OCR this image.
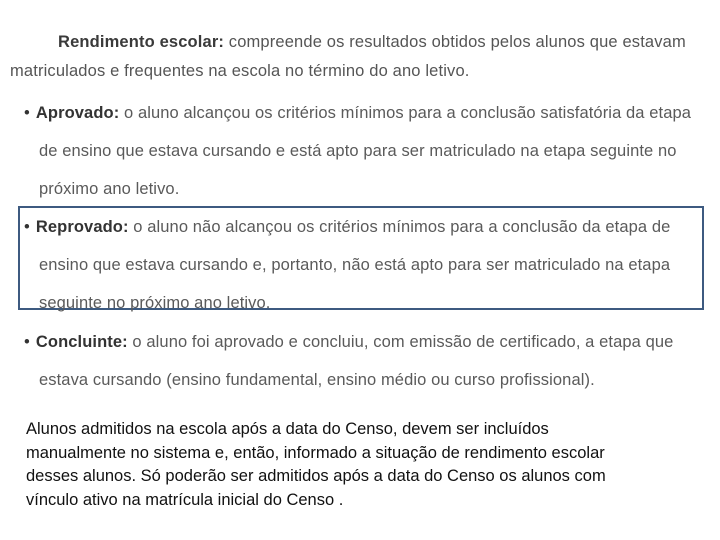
Rendimento escolar: compreende os resultados obtidos pelos alunos que estavam
matriculados e frequentes na escola no término do ano letivo.
• Aprovado: o aluno alcançou os critérios mínimos para a conclusão satisfatória da etapa
de ensino que estava cursando e está apto para ser matriculado na etapa seguinte no
próximo ano letivo.
• Reprovado: o aluno não alcançou os critérios mínimos para a conclusão da etapa de
ensino que estava cursando e, portanto, não está apto para ser matriculado na etapa
seguinte no próximo ano letivo.
• Concluinte: o aluno foi aprovado e concluiu, com emissão de certificado, a etapa que
estava cursando (ensino fundamental, ensino médio ou curso profissional).
Alunos admitidos na escola após a data do Censo, devem ser incluídos
manualmente no sistema e, então, informado a situação de rendimento escolar
desses alunos. Só poderão ser admitidos após a data do Censo os alunos com
vínculo ativo na matrícula inicial do Censo .
